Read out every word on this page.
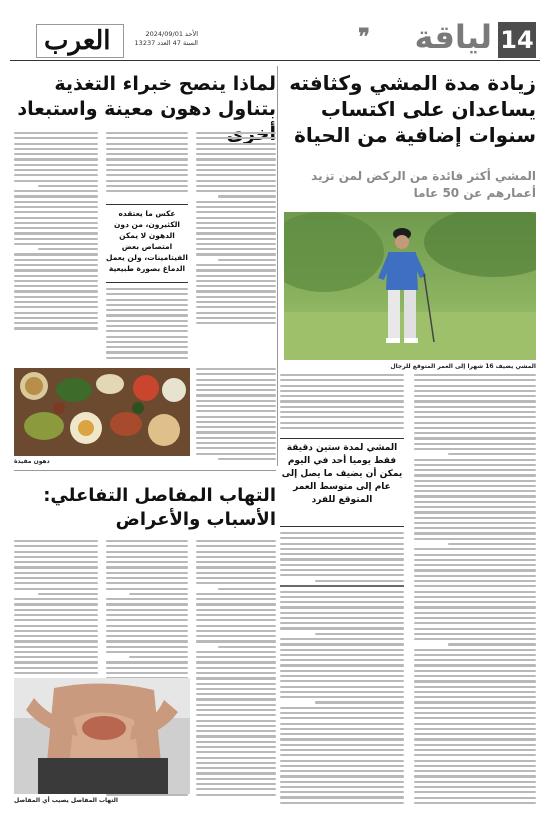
14
لياقة
❞
العرب	الأحد 2024/09/01
السنة 47 العدد 13237
زيادة مدة المشي وكثافته يساعدان على اكتساب سنوات إضافية من الحياة
المشي أكثر فائدة من الركض لمن تزيد أعمارهم عن 50 عاما
المشي يضيف 16 شهرا إلى العمر المتوقع للرجال
المشي لمدة ستين دقيقة فقط يوميا أحد في اليوم يمكن أن يضيف ما يصل إلى عام إلى متوسط العمر المتوقع للفرد
لماذا ينصح خبراء التغذية بتناول دهون معينة واستبعاد
عكس ما يعتقده الكثيرون، من دون الدهون لا يمكن امتصاص بعض الفيتامينات، ولن يعمل الدماغ بصورة طبيعية
دهون مفيدة
التهاب المفاصل التفاعلي: الأسباب والأعراض
التهاب المفاصل يصيب أي المفاصل
